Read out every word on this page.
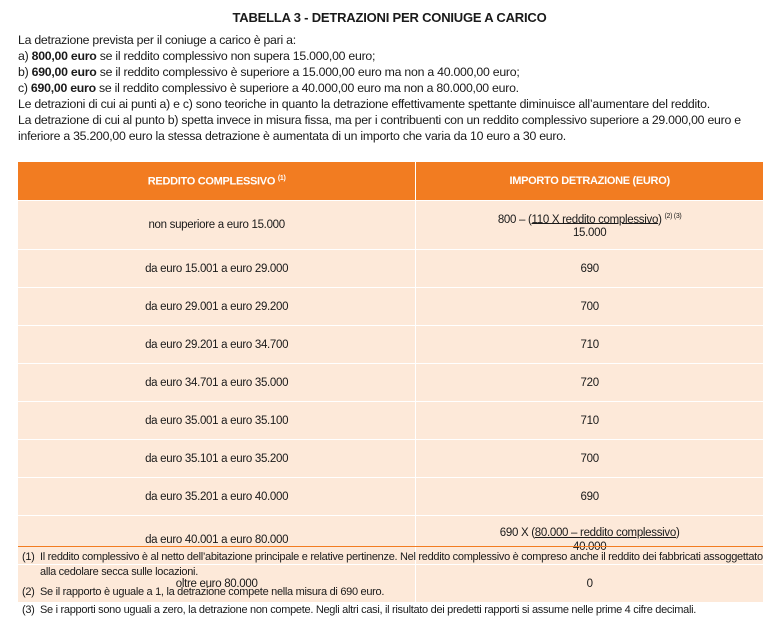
TABELLA 3 - DETRAZIONI PER CONIUGE A CARICO

La detrazione prevista per il coniuge a carico è pari a:

a) 800,00 euro se il reddito complessivo non supera 15.000,00 euro;

b) 690,00 euro se il reddito complessivo è superiore a 15.000,00 euro ma non a 40.000,00 euro;

c) 690,00 euro se il reddito complessivo è superiore a 40.000,00 euro ma non a 80.000,00 euro.

Le detrazioni di cui ai punti a) e c) sono teoriche in quanto la detrazione effettivamente spettante diminuisce all’aumentare del reddito.

La detrazione di cui al punto b) spetta invece in misura fissa, ma per i contribuenti con un reddito complessivo superiore a 29.000,00 euro e inferiore a 35.200,00 euro la stessa detrazione è aumentata di un importo che varia da 10 euro a 30 euro.

REDDITO COMPLESSIVO $^{(1)}$	IMPORTO DETRAZIONE (EURO)
non superiore a euro 15.000	800 – (110 X reddito complessivo) $^{(2) (3)}$
15.000

da euro 15.001 a euro 29.000	690
da euro 29.001 a euro 29.200	700
da euro 29.201 a euro 34.700	710
da euro 34.701 a euro 35.000	720
da euro 35.001 a euro 35.100	710
da euro 35.101 a euro 35.200	700
da euro 35.201 a euro 40.000	690
da euro 40.001 a euro 80.000	690 X (80.000 – reddito complessivo)
40.000

oltre euro 80.000	0

(1) Il reddito complessivo è al netto dell’abitazione principale e relative pertinenze. Nel reddito complessivo è compreso anche il reddito dei fabbricati assoggettato alla cedolare secca sulle locazioni.

(2) Se il rapporto è uguale a 1, la detrazione compete nella misura di 690 euro.

(3) Se i rapporti sono uguali a zero, la detrazione non compete. Negli altri casi, il risultato dei predetti rapporti si assume nelle prime 4 cifre decimali.
